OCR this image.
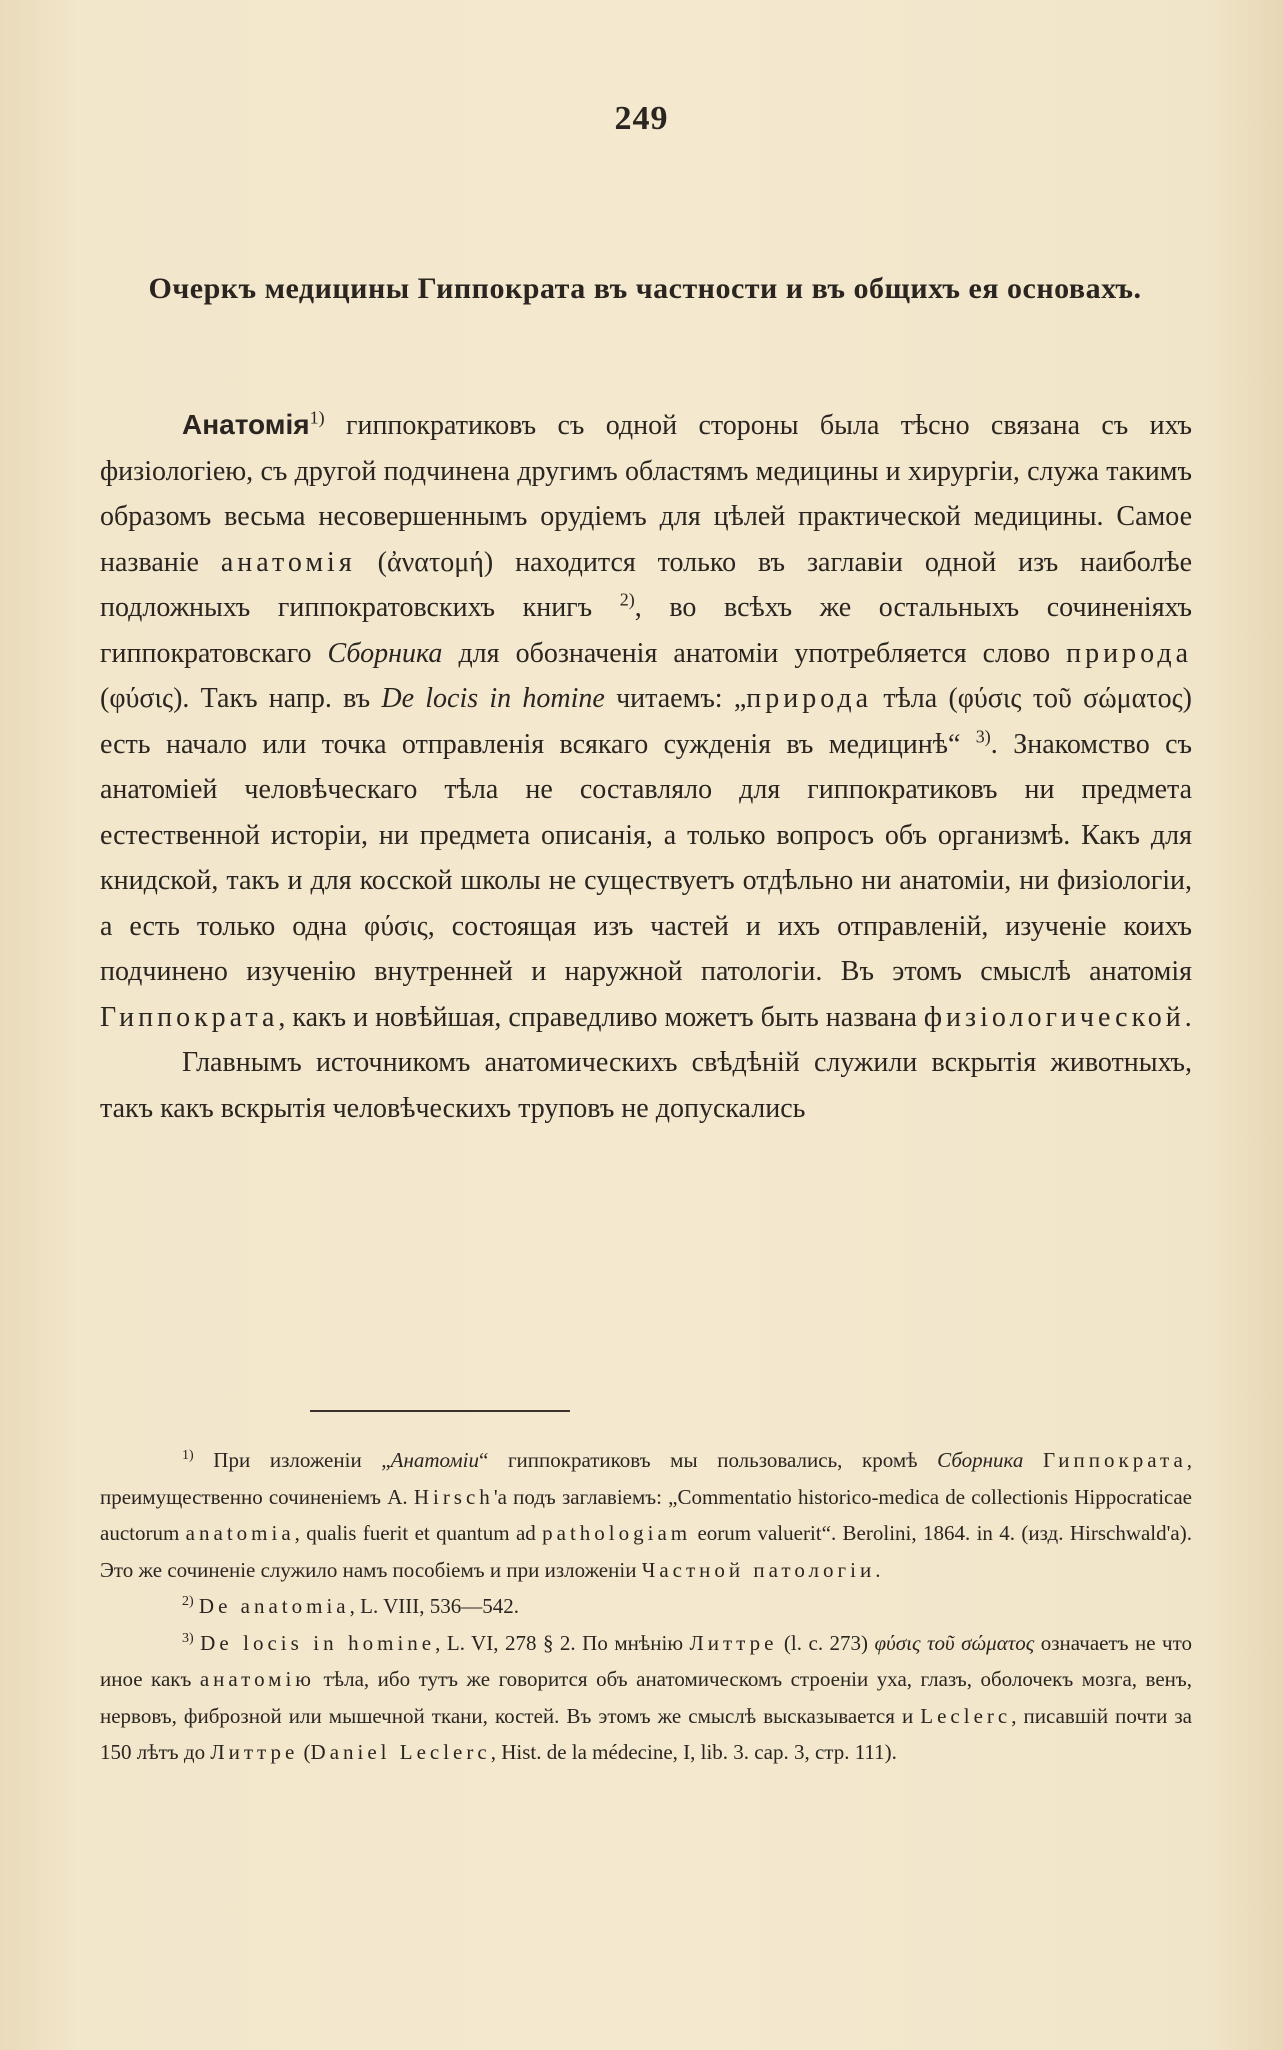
249
Очеркъ медицины Гиппократа въ частности и въ общихъ ея основахъ.

Анатомія$^{1)}$ гиппократиковъ съ одной стороны была тѣсно связана съ ихъ физіологіею, съ другой подчинена другимъ областямъ медицины и хирургіи, служа такимъ образомъ весьма несовершеннымъ орудіемъ для цѣлей практической медицины. Самое названіе анатомія (ἀνατομή) находится только въ заглавіи одной изъ наиболѣе подложныхъ гиппократовскихъ книгъ $^{2)}$, во всѣхъ же остальныхъ сочиненіяхъ гиппократовскаго Сборника для обозначенія анатоміи употребляется слово природа (φύσις). Такъ напр. въ De locis in homine читаемъ: „природа тѣла (φύσις τοῦ σώματος) есть начало или точка отправленія всякаго сужденія въ медицинѣ“ $^{3)}$. Знакомство съ анатоміей человѣческаго тѣла не составляло для гиппократиковъ ни предмета естественной исторіи, ни предмета описанія, а только вопросъ объ организмѣ. Какъ для книдской, такъ и для косской школы не существуетъ отдѣльно ни анатоміи, ни физіологіи, а есть только одна φύσις, состоящая изъ частей и ихъ отправленій, изученіе коихъ подчинено изученію внутренней и наружной патологіи. Въ этомъ смыслѣ анатомія Гиппократа, какъ и новѣйшая, справедливо можетъ быть названа физіологической.

Главнымъ источникомъ анатомическихъ свѣдѣній служили вскрытія животныхъ, такъ какъ вскрытія человѣческихъ труповъ не допускались

$^{1)}$ При изложеніи „Анатоміи“ гиппократиковъ мы пользовались, кромѣ Сборника Гиппократа, преимущественно сочиненіемъ А. Hirsch'а подъ заглавіемъ: „Commentatio historico-medica de collectionis Hippocraticae auctorum anatomia, qualis fuerit et quantum ad pathologiam eorum valuerit“. Berolini, 1864. in 4. (изд. Hirschwald'a). Это же сочиненіе служило намъ пособіемъ и при изложеніи Частной патологіи.

$^{2)}$ De anatomia, L. VIII, 536—542.

$^{3)}$ De locis in homine, L. VI, 278 § 2. По мнѣнію Литтре (l. c. 273) φύσις τοῦ σώματος означаетъ не что иное какъ анатомію тѣла, ибо тутъ же говорится объ анатомическомъ строеніи уха, глазъ, оболочекъ мозга, венъ, нервовъ, фиброзной или мышечной ткани, костей. Въ этомъ же смыслѣ высказывается и Leclerc, писавшій почти за 150 лѣтъ до Литтре (Daniel Leclerc, Hist. de la médecine, I, lib. 3. cap. 3, стр. 111).
